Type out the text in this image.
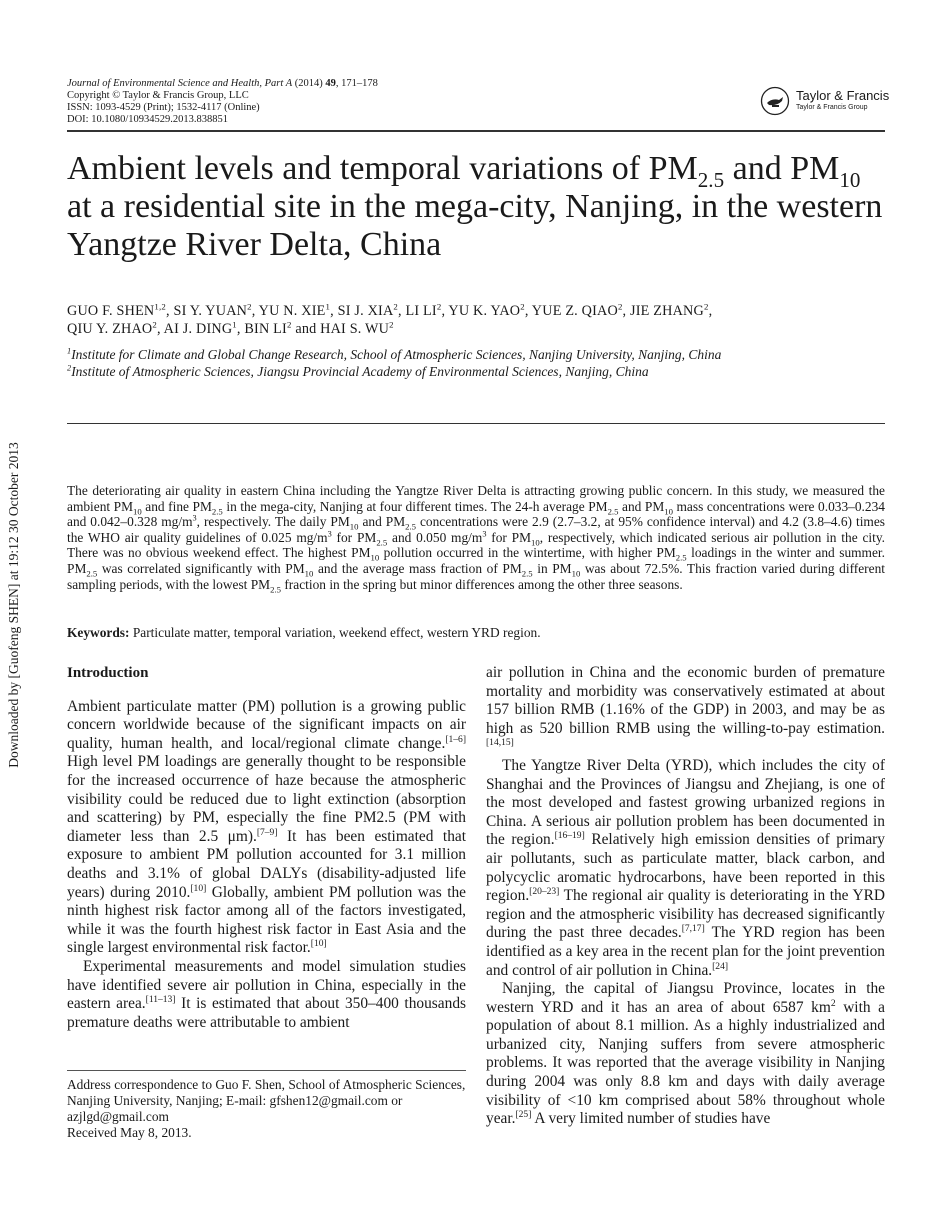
Downloaded by [Guofeng SHEN] at 19:12 30 October 2013
Journal of Environmental Science and Health, Part A (2014) 49, 171–178
Copyright © Taylor & Francis Group, LLC
ISSN: 1093-4529 (Print); 1532-4117 (Online)
DOI: 10.1080/10934529.2013.838851
Taylor & Francis
Taylor & Francis Group
Ambient levels and temporal variations of $PM_{2.5}$ and $PM_{10}$
at a residential site in the mega-city, Nanjing, in the western
Yangtze River Delta, China
GUO F. SHEN$^{1,2}$, SI Y. YUAN$^2$, YU N. XIE$^1$, SI J. XIA$^2$, LI $LI^2$, YU K. YAO$^2$, YUE Z. QIAO$^2$, JIE ZHANG$^2$,
QIU Y. ZHAO$^2$, AI J. DING$^1$, BIN $LI^2$ and HAI S. $WU^2$
$^1$Institute for Climate and Global Change Research, School of Atmospheric Sciences, Nanjing University, Nanjing, China
$^2$Institute of Atmospheric Sciences, Jiangsu Provincial Academy of Environmental Sciences, Nanjing, China
The deteriorating air quality in eastern China including the Yangtze River Delta is attracting growing public concern. In this study, we measured the ambient $PM_{10}$ and fine $PM_{2.5}$ in the mega-city, Nanjing at four different times. The 24-h average $PM_{2.5}$ and $PM_{10}$ mass concentrations were 0.033–0.234 and 0.042–0.328 $mg/m^3$, respectively. The daily $PM_{10}$ and $PM_{2.5}$ concentrations were 2.9 (2.7–3.2, at 95% confidence interval) and 4.2 (3.8–4.6) times the WHO air quality guidelines of 0.025 $mg/m^3$ for $PM_{2.5}$ and 0.050 $mg/m^3$ for $PM_{10}$, respectively, which indicated serious air pollution in the city. There was no obvious weekend effect. The highest $PM_{10}$ pollution occurred in the wintertime, with higher $PM_{2.5}$ loadings in the winter and summer. $PM_{2.5}$ was correlated significantly with $PM_{10}$ and the average mass fraction of $PM_{2.5}$ in $PM_{10}$ was about 72.5%. This fraction varied during different sampling periods, with the lowest $PM_{2.5}$ fraction in the spring but minor differences among the other three seasons.
Keywords: Particulate matter, temporal variation, weekend effect, western YRD region.
Introduction

Ambient particulate matter (PM) pollution is a growing public concern worldwide because of the significant impacts on air quality, human health, and local/regional climate change.[1–6] High level PM loadings are generally thought to be responsible for the increased occurrence of haze because the atmospheric visibility could be reduced due to light extinction (absorption and scattering) by PM, especially the fine PM2.5 (PM with diameter less than 2.5 μm).[7–9] It has been estimated that exposure to ambient PM pollution accounted for 3.1 million deaths and 3.1% of global DALYs (disability-adjusted life years) during 2010.[10] Globally, ambient PM pollution was the ninth highest risk factor among all of the factors investigated, while it was the fourth highest risk factor in East Asia and the single largest environmental risk factor.[10]

Experimental measurements and model simulation studies have identified severe air pollution in China, especially in the eastern area.[11–13] It is estimated that about 350–400 thousands premature deaths were attributable to ambient

Address correspondence to Guo F. Shen, School of Atmospheric Sciences, Nanjing University, Nanjing; E-mail: gfshen12@gmail.com or azjlgd@gmail.com
Received May 8, 2013.

air pollution in China and the economic burden of premature mortality and morbidity was conservatively estimated at about 157 billion RMB (1.16% of the GDP) in 2003, and may be as high as 520 billion RMB using the willing-to-pay estimation.[14,15]

The Yangtze River Delta (YRD), which includes the city of Shanghai and the Provinces of Jiangsu and Zhejiang, is one of the most developed and fastest growing urbanized regions in China. A serious air pollution problem has been documented in the region.[16–19] Relatively high emission densities of primary air pollutants, such as particulate matter, black carbon, and polycyclic aromatic hydrocarbons, have been reported in this region.[20–23] The regional air quality is deteriorating in the YRD region and the atmospheric visibility has decreased significantly during the past three decades.[7,17] The YRD region has been identified as a key area in the recent plan for the joint prevention and control of air pollution in China.[24]

Nanjing, the capital of Jiangsu Province, locates in the western YRD and it has an area of about 6587 $km^2$ with a population of about 8.1 million. As a highly industrialized and urbanized city, Nanjing suffers from severe atmospheric problems. It was reported that the average visibility in Nanjing during 2004 was only 8.8 km and days with daily average visibility of <10 km comprised about 58% throughout whole year.[25] A very limited number of studies have
